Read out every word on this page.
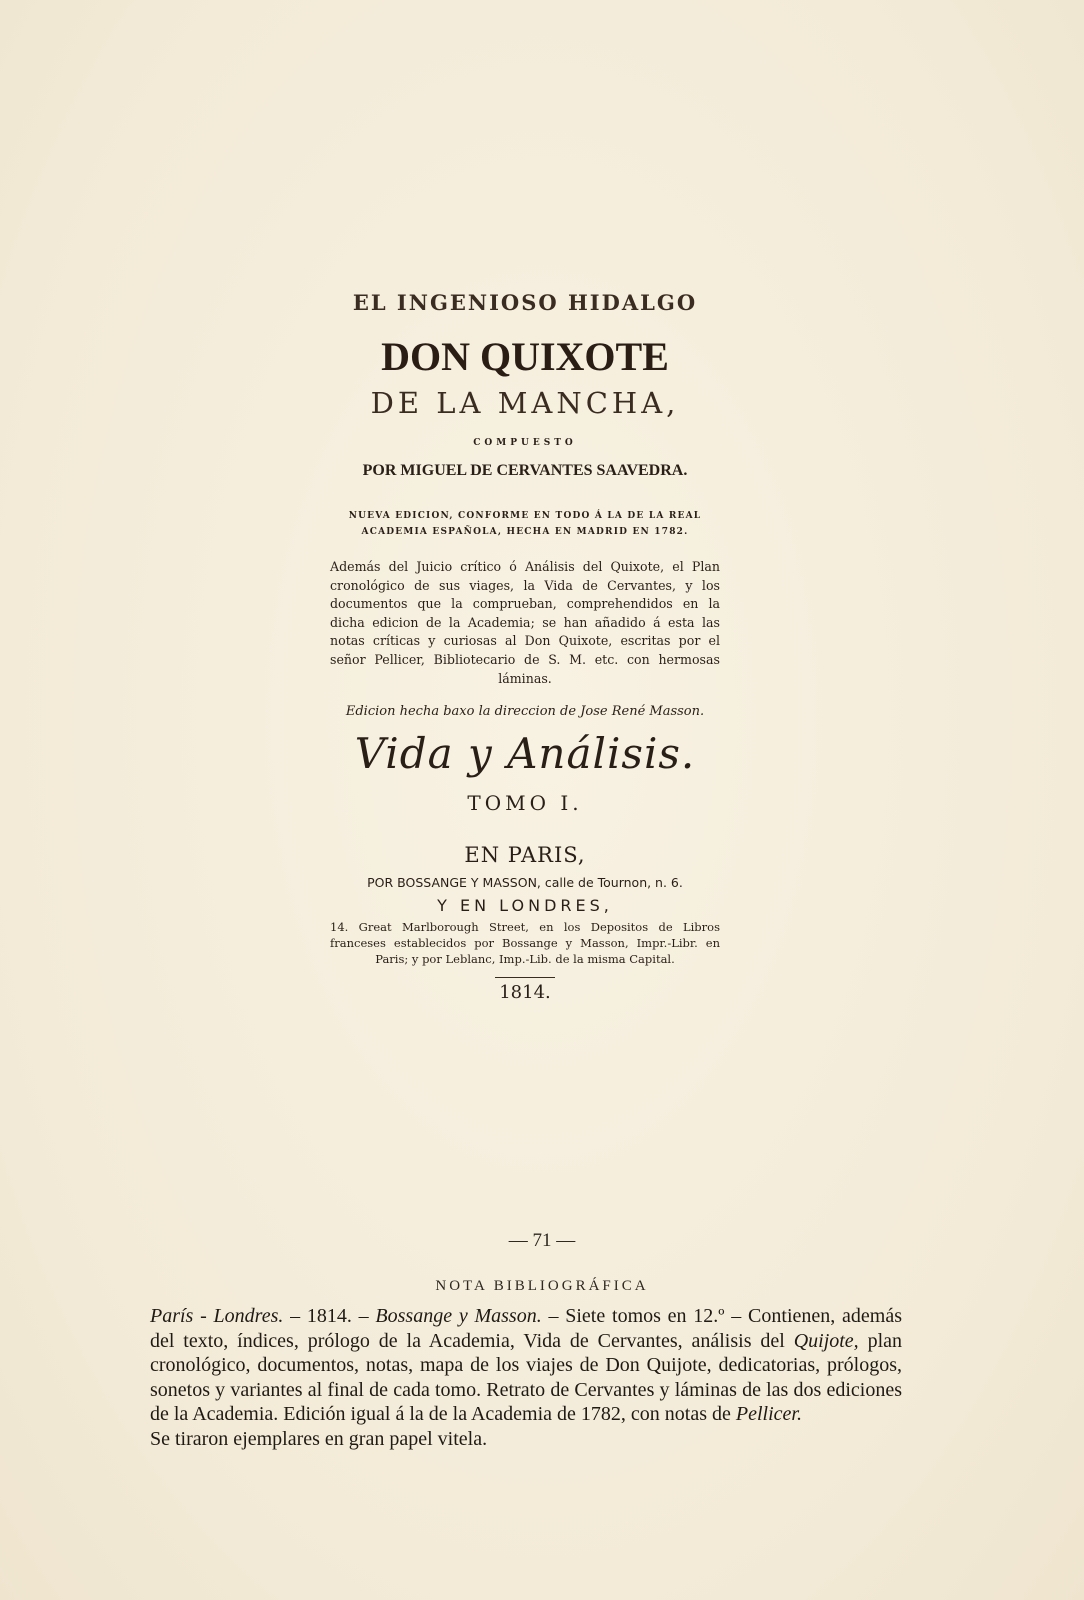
EL INGENIOSO HIDALGO

DON QUIXOTE

DE LA MANCHA,

COMPUESTO

POR MIGUEL DE CERVANTES SAAVEDRA.

NUEVA EDICION, CONFORME EN TODO Á LA DE LA REAL
ACADEMIA ESPAÑOLA, HECHA EN MADRID EN 1782.

Además del Juicio crítico ó Análisis del Quixote, el Plan cronológico de sus viages, la Vida de Cervantes, y los documentos que la comprueban, comprehendidos en la dicha edicion de la Academia; se han añadido á esta las notas críticas y curiosas al Don Quixote, escritas por el señor Pellicer, Bibliotecario de S. M. etc. con hermosas láminas.

Edicion hecha baxo la direccion de Jose René Masson.

Vida y Análisis.

TOMO I.

EN PARIS,

POR BOSSANGE Y MASSON, calle de Tournon, n. 6.

Y EN LONDRES,

14. Great Marlborough Street, en los Depositos de Libros franceses establecidos por Bossange y Masson, Impr.-Libr. en Paris; y por Leblanc, Imp.-Lib. de la misma Capital.

1814.

— 71 —
NOTA BIBLIOGRÁFICA
París - Londres. – 1814. – Bossange y Masson. – Siete tomos en 12.º – Contienen, además del texto, índices, prólogo de la Academia, Vida de Cervantes, análisis del Quijote, plan cronológico, documentos, notas, mapa de los viajes de Don Quijote, dedicatorias, prólogos, sonetos y variantes al final de cada tomo. Retrato de Cervantes y láminas de las dos ediciones de la Academia. Edición igual á la de la Academia de 1782, con notas de Pellicer.
Se tiraron ejemplares en gran papel vitela.
